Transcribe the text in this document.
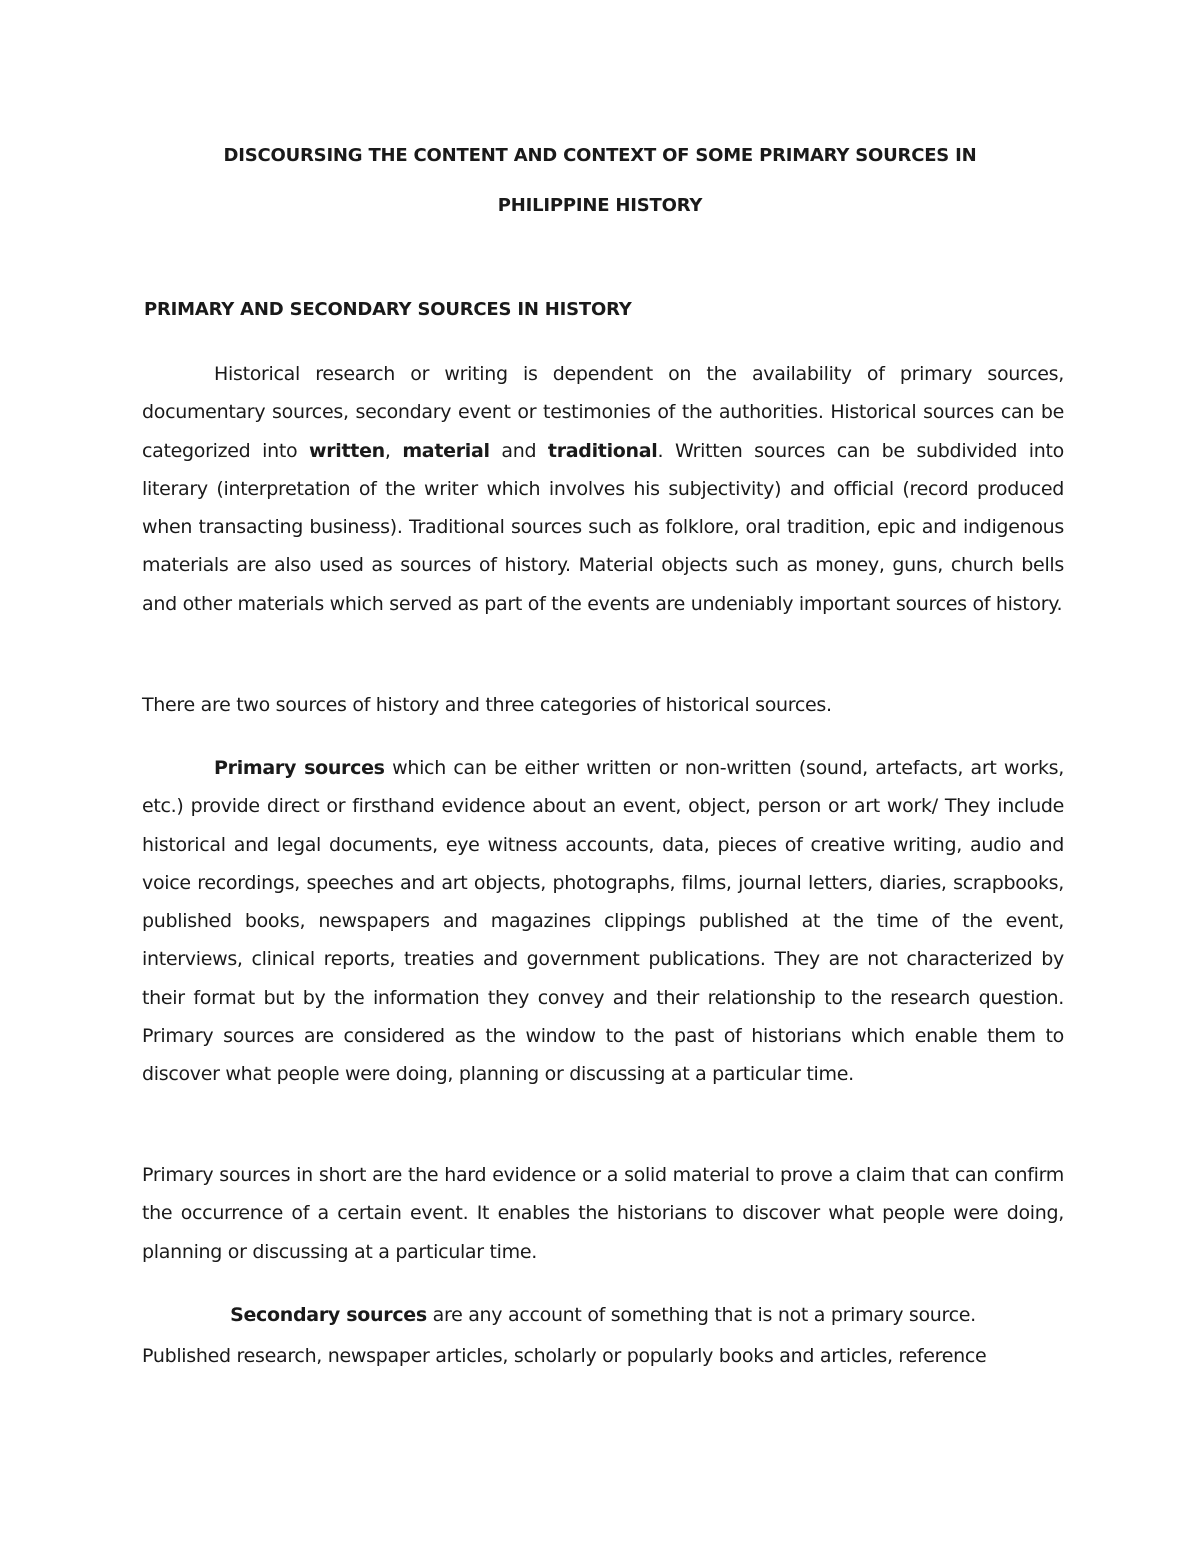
DISCOURSING THE CONTENT AND CONTEXT OF SOME PRIMARY SOURCES IN
PHILIPPINE HISTORY
PRIMARY AND SECONDARY SOURCES IN HISTORY
Historical research or writing is dependent on the availability of primary sources, documentary sources, secondary event or testimonies of the authorities. Historical sources can be categorized into written, material and traditional. Written sources can be subdivided into literary (interpretation of the writer which involves his subjectivity) and official (record produced when transacting business). Traditional sources such as folklore, oral tradition, epic and indigenous materials are also used as sources of history. Material objects such as money, guns, church bells and other materials which served as part of the events are undeniably important sources of history.
There are two sources of history and three categories of historical sources.
Primary sources which can be either written or non-written (sound, artefacts, art works, etc.) provide direct or firsthand evidence about an event, object, person or art work/ They include historical and legal documents, eye witness accounts, data, pieces of creative writing, audio and voice recordings, speeches and art objects, photographs, films, journal letters, diaries, scrapbooks, published books, newspapers and magazines clippings published at the time of the event, interviews, clinical reports, treaties and government publications. They are not characterized by their format but by the information they convey and their relationship to the research question. Primary sources are considered as the window to the past of historians which enable them to discover what people were doing, planning or discussing at a particular time.
Primary sources in short are the hard evidence or a solid material to prove a claim that can confirm the occurrence of a certain event. It enables the historians to discover what people were doing, planning or discussing at a particular time.
Secondary sources are any account of something that is not a primary source.
Published research, newspaper articles, scholarly or popularly books and articles, reference
